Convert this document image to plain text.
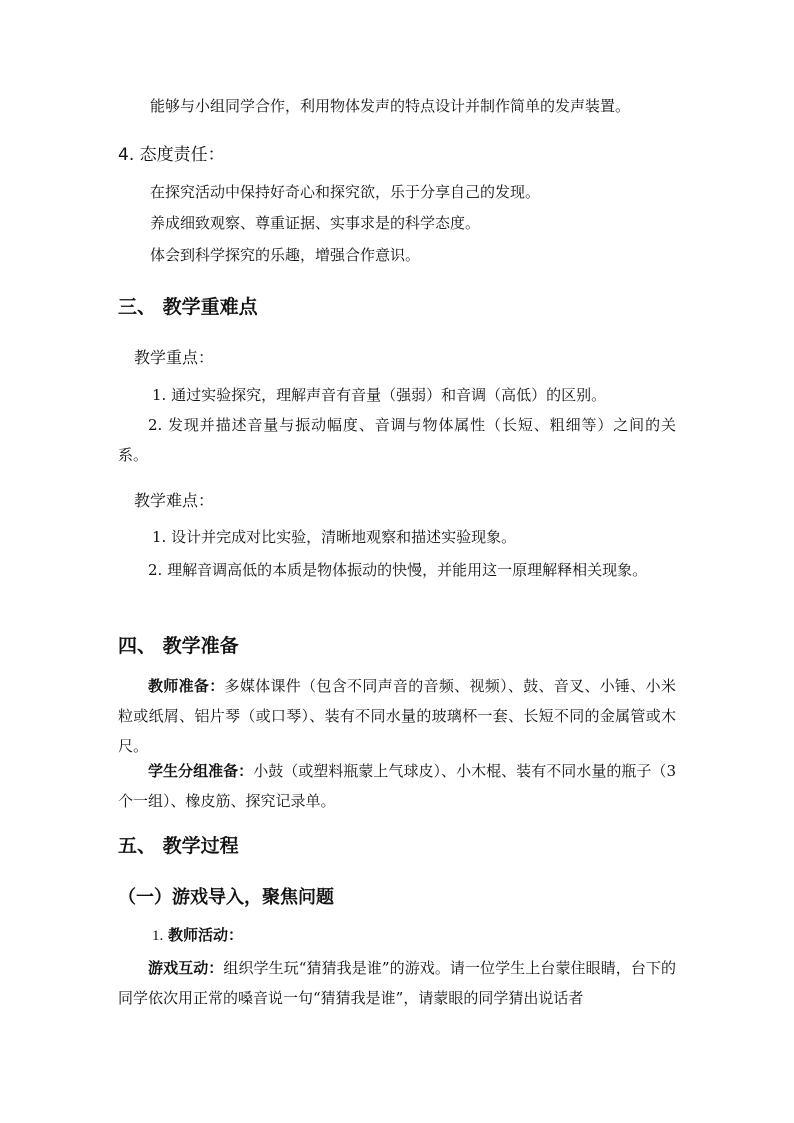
能够与小组同学合作，利用物体发声的特点设计并制作简单的发声装置。
4. 态度责任：
在探究活动中保持好奇心和探究欲，乐于分享自己的发现。
养成细致观察、尊重证据、实事求是的科学态度。
体会到科学探究的乐趣，增强合作意识。
三、 教学重难点
教学重点：
1. 通过实验探究，理解声音有音量（强弱）和音调（高低）的区别。
2. 发现并描述音量与振动幅度、音调与物体属性（长短、粗细等）之间的关系。
教学难点：
1. 设计并完成对比实验，清晰地观察和描述实验现象。
2. 理解音调高低的本质是物体振动的快慢，并能用这一原理解释相关现象。
四、 教学准备
教师准备：多媒体课件（包含不同声音的音频、视频）、鼓、音叉、小锤、小米粒或纸屑、铝片琴（或口琴）、装有不同水量的玻璃杯一套、长短不同的金属管或木尺。
学生分组准备：小鼓（或塑料瓶蒙上气球皮）、小木棍、装有不同水量的瓶子（3个一组）、橡皮筋、探究记录单。
五、 教学过程
（一）游戏导入，聚焦问题
1. 教师活动：
游戏互动：组织学生玩“猜猜我是谁”的游戏。请一位学生上台蒙住眼睛，台下的同学依次用正常的嗓音说一句“猜猜我是谁”，请蒙眼的同学猜出说话者
